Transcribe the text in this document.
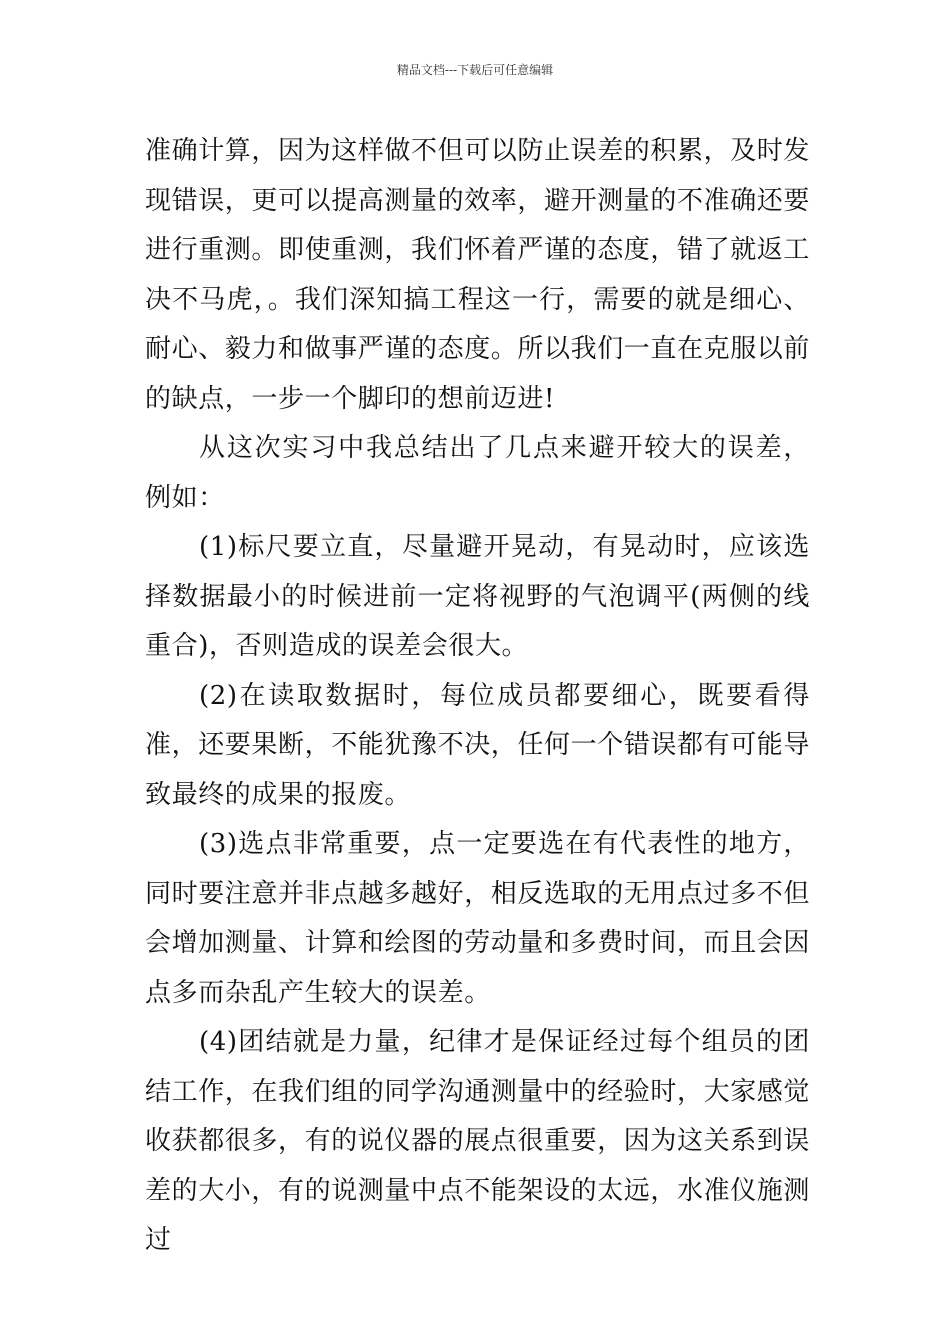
精品文档---下载后可任意编辑

准确计算，因为这样做不但可以防止误差的积累，及时发现错误，更可以提高测量的效率，避开测量的不准确还要进行重测。即使重测，我们怀着严谨的态度，错了就返工决不马虎，。我们深知搞工程这一行，需要的就是细心、耐心、毅力和做事严谨的态度。所以我们一直在克服以前的缺点，一步一个脚印的想前迈进!

从这次实习中我总结出了几点来避开较大的误差，例如：

(1)标尺要立直，尽量避开晃动，有晃动时，应该选择数据最小的时候进前一定将视野的气泡调平(两侧的线重合)，否则造成的误差会很大。

(2)在读取数据时，每位成员都要细心，既要看得准，还要果断，不能犹豫不决，任何一个错误都有可能导致最终的成果的报废。

(3)选点非常重要，点一定要选在有代表性的地方，同时要注意并非点越多越好，相反选取的无用点过多不但会增加测量、计算和绘图的劳动量和多费时间，而且会因点多而杂乱产生较大的误差。

(4)团结就是力量，纪律才是保证经过每个组员的团结工作，在我们组的同学沟通测量中的经验时，大家感觉收获都很多，有的说仪器的展点很重要，因为这关系到误差的大小，有的说测量中点不能架设的太远，水准仪施测过
